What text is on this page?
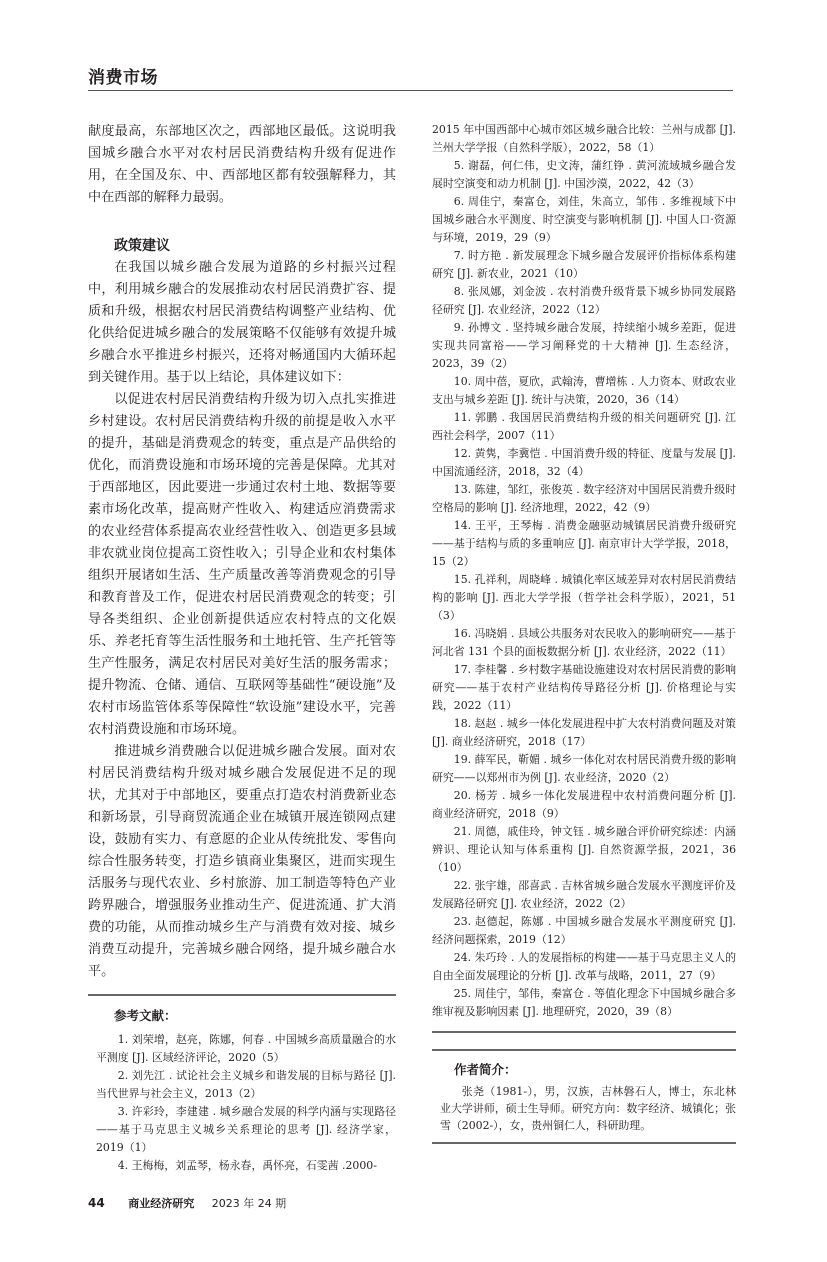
消费市场

献度最高，东部地区次之，西部地区最低。这说明我国城乡融合水平对农村居民消费结构升级有促进作用，在全国及东、中、西部地区都有较强解释力，其中在西部的解释力最弱。

政策建议

在我国以城乡融合发展为道路的乡村振兴过程中，利用城乡融合的发展推动农村居民消费扩容、提质和升级，根据农村居民消费结构调整产业结构、优化供给促进城乡融合的发展策略不仅能够有效提升城乡融合水平推进乡村振兴，还将对畅通国内大循环起到关键作用。基于以上结论，具体建议如下：

以促进农村居民消费结构升级为切入点扎实推进乡村建设。农村居民消费结构升级的前提是收入水平的提升，基础是消费观念的转变，重点是产品供给的优化，而消费设施和市场环境的完善是保障。尤其对于西部地区，因此要进一步通过农村土地、数据等要素市场化改革，提高财产性收入、构建适应消费需求的农业经营体系提高农业经营性收入、创造更多县域非农就业岗位提高工资性收入；引导企业和农村集体组织开展诸如生活、生产质量改善等消费观念的引导和教育普及工作，促进农村居民消费观念的转变；引导各类组织、企业创新提供适应农村特点的文化娱乐、养老托育等生活性服务和土地托管、生产托管等生产性服务，满足农村居民对美好生活的服务需求；提升物流、仓储、通信、互联网等基础性“硬设施”及农村市场监管体系等保障性“软设施”建设水平，完善农村消费设施和市场环境。

推进城乡消费融合以促进城乡融合发展。面对农村居民消费结构升级对城乡融合发展促进不足的现状，尤其对于中部地区，要重点打造农村消费新业态和新场景，引导商贸流通企业在城镇开展连锁网点建设，鼓励有实力、有意愿的企业从传统批发、零售向综合性服务转变，打造乡镇商业集聚区，进而实现生活服务与现代农业、乡村旅游、加工制造等特色产业跨界融合，增强服务业推动生产、促进流通、扩大消费的功能，从而推动城乡生产与消费有效对接、城乡消费互动提升，完善城乡融合网络，提升城乡融合水平。

参考文献：

1. 刘荣增，赵亮，陈娜，何春 . 中国城乡高质量融合的水平测度 [J]. 区域经济评论，2020（5）

2. 刘先江 . 试论社会主义城乡和谐发展的目标与路径 [J]. 当代世界与社会主义，2013（2）

3. 许彩玲，李建建 . 城乡融合发展的科学内涵与实现路径——基于马克思主义城乡关系理论的思考 [J]. 经济学家，2019（1）

4. 王梅梅，刘孟琴，杨永春，禹怀亮，石雯茜 .2000-

2015 年中国西部中心城市郊区城乡融合比较：兰州与成都 [J]. 兰州大学学报（自然科学版），2022，58（1）

5. 谢磊，何仁伟，史文涛，蒲红铮 . 黄河流域城乡融合发展时空演变和动力机制 [J]. 中国沙漠，2022，42（3）

6. 周佳宁，秦富仓，刘佳，朱高立，邹伟 . 多维视域下中国城乡融合水平测度、时空演变与影响机制 [J]. 中国人口·资源与环境，2019，29（9）

7. 时方艳 . 新发展理念下城乡融合发展评价指标体系构建研究 [J]. 新农业，2021（10）

8. 张凤娜，刘金波 . 农村消费升级背景下城乡协同发展路径研究 [J]. 农业经济，2022（12）

9. 孙博文 . 坚持城乡融合发展，持续缩小城乡差距，促进实现共同富裕——学习阐释党的十大精神 [J]. 生态经济，2023，39（2）

10. 周中蓓，夏欣，武翰涛，曹增栋 . 人力资本、财政农业支出与城乡差距 [J]. 统计与决策，2020，36（14）

11. 郭鹏 . 我国居民消费结构升级的相关问题研究 [J]. 江西社会科学，2007（11）

12. 黄隽，李冀恺 . 中国消费升级的特征、度量与发展 [J]. 中国流通经济，2018，32（4）

13. 陈建，邹红，张俊英 . 数字经济对中国居民消费升级时空格局的影响 [J]. 经济地理，2022，42（9）

14. 王平，王琴梅 . 消费金融驱动城镇居民消费升级研究——基于结构与质的多重响应 [J]. 南京审计大学学报，2018，15（2）

15. 孔祥利，周晓峰 . 城镇化率区域差异对农村居民消费结构的影响 [J]. 西北大学学报（哲学社会科学版），2021，51（3）

16. 冯晓娟 . 县域公共服务对农民收入的影响研究——基于河北省 131 个县的面板数据分析 [J]. 农业经济，2022（11）

17. 李桂馨 . 乡村数字基础设施建设对农村居民消费的影响研究——基于农村产业结构传导路径分析 [J]. 价格理论与实践，2022（11）

18. 赵赵 . 城乡一体化发展进程中扩大农村消费问题及对策 [J]. 商业经济研究，2018（17）

19. 薛军民，靳媚 . 城乡一体化对农村居民消费升级的影响研究——以郑州市为例 [J]. 农业经济，2020（2）

20. 杨芳 . 城乡一体化发展进程中农村消费问题分析 [J]. 商业经济研究，2018（9）

21. 周德，戚佳玲，钟文钰 . 城乡融合评价研究综述：内涵辨识、理论认知与体系重构 [J]. 自然资源学报，2021，36（10）

22. 张宇雄，邵喜武 . 吉林省城乡融合发展水平测度评价及发展路径研究 [J]. 农业经济，2022（2）

23. 赵德起，陈娜 . 中国城乡融合发展水平测度研究 [J]. 经济问题探索，2019（12）

24. 朱巧玲 . 人的发展指标的构建——基于马克思主义人的自由全面发展理论的分析 [J]. 改革与战略，2011，27（9）

25. 周佳宁，邹伟，秦富仓 . 等值化理念下中国城乡融合多维审视及影响因素 [J]. 地理研究，2020，39（8）

作者简介：

张尧（1981-），男，汉族，吉林磐石人，博士，东北林业大学讲师，硕士生导师。研究方向：数字经济、城镇化；张雪（2002-），女，贵州铜仁人，科研助理。

44 商业经济研究 2023 年 24 期
